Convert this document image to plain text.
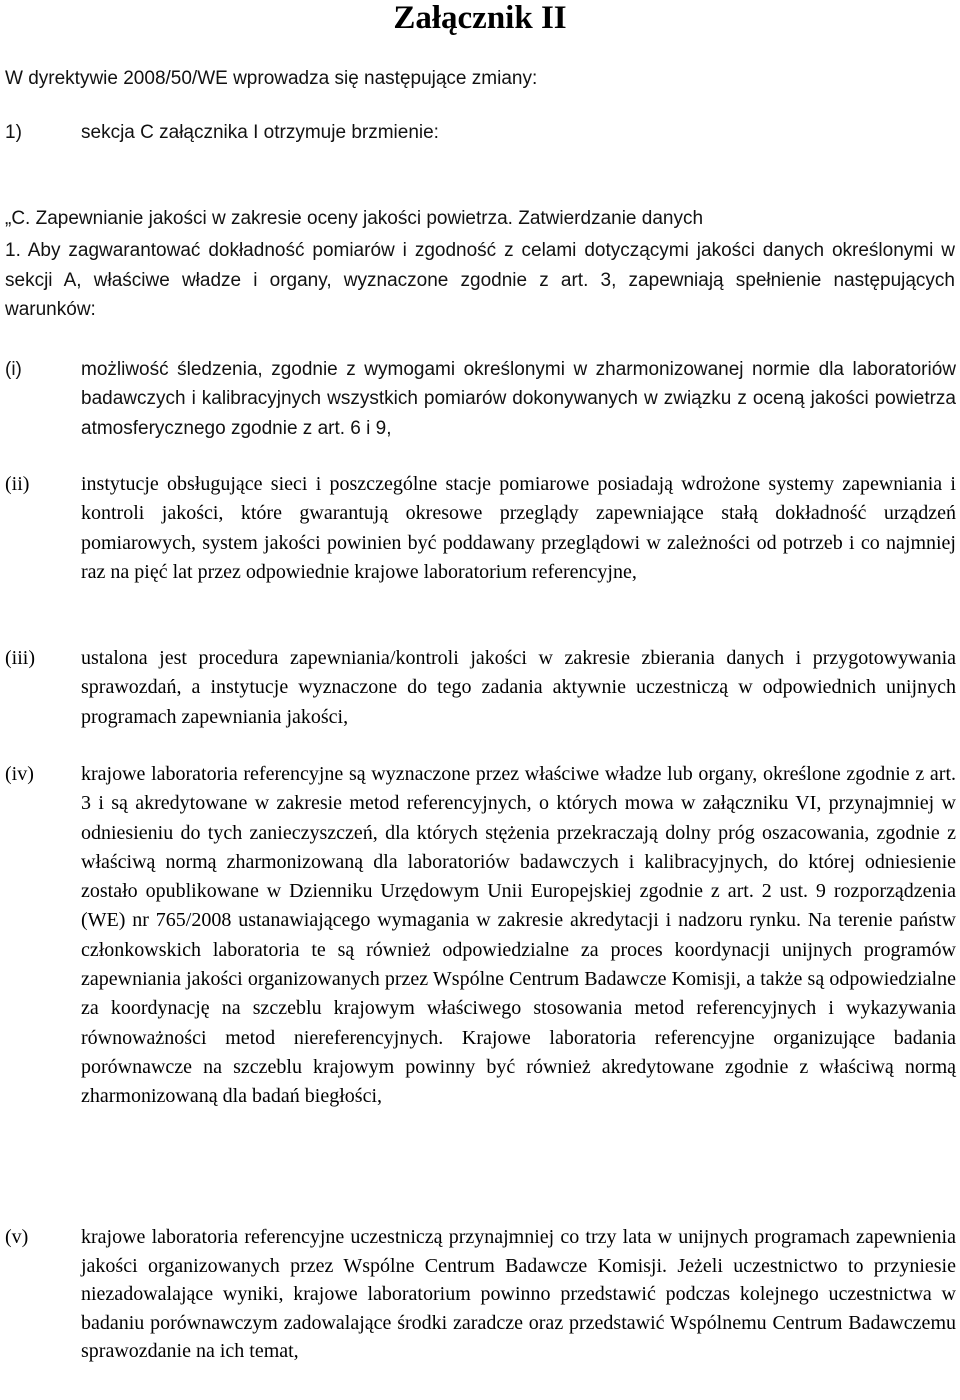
Załącznik II

W dyrektywie 2008/50/WE wprowadza się następujące zmiany:

1)	sekcja C załącznika I otrzymuje brzmienie:

„C. Zapewnianie jakości w zakresie oceny jakości powietrza. Zatwierdzanie danych

1. Aby zagwarantować dokładność pomiarów i zgodność z celami dotyczącymi jakości danych określonymi w sekcji A, właściwe władze i organy, wyznaczone zgodnie z art. 3, zapewniają spełnienie następujących warunków:

(i)	możliwość śledzenia, zgodnie z wymogami określonymi w zharmonizowanej normie dla laboratoriów badawczych i kalibracyjnych wszystkich pomiarów dokonywanych w związku z oceną jakości powietrza atmosferycznego zgodnie z art. 6 i 9,

(ii)	instytucje obsługujące sieci i poszczególne stacje pomiarowe posiadają wdrożone systemy zapewniania i kontroli jakości, które gwarantują okresowe przeglądy zapewniające stałą dokładność urządzeń pomiarowych, system jakości powinien być poddawany przeglądowi w zależności od potrzeb i co najmniej raz na pięć lat przez odpowiednie krajowe laboratorium referencyjne,

(iii)	ustalona jest procedura zapewniania/kontroli jakości w zakresie zbierania danych i przygotowywania sprawozdań, a instytucje wyznaczone do tego zadania aktywnie uczestniczą w odpowiednich unijnych programach zapewniania jakości,

(iv)	krajowe laboratoria referencyjne są wyznaczone przez właściwe władze lub organy, określone zgodnie z art. 3 i są akredytowane w zakresie metod referencyjnych, o których mowa w załączniku VI, przynajmniej w odniesieniu do tych zanieczyszczeń, dla których stężenia przekraczają dolny próg oszacowania, zgodnie z właściwą normą zharmonizowaną dla laboratoriów badawczych i kalibracyjnych, do której odniesienie zostało opublikowane w Dzienniku Urzędowym Unii Europejskiej zgodnie z art. 2 ust. 9 rozporządzenia (WE) nr 765/2008 ustanawiającego wymagania w zakresie akredytacji i nadzoru rynku. Na terenie państw członkowskich laboratoria te są również odpowiedzialne za proces koordynacji unijnych programów zapewniania jakości organizowanych przez Wspólne Centrum Badawcze Komisji, a także są odpowiedzialne za koordynację na szczeblu krajowym właściwego stosowania metod referencyjnych i wykazywania równoważności metod niereferencyjnych. Krajowe laboratoria referencyjne organizujące badania porównawcze na szczeblu krajowym powinny być również akredytowane zgodnie z właściwą normą zharmonizowaną dla badań biegłości,

(v)	krajowe laboratoria referencyjne uczestniczą przynajmniej co trzy lata w unijnych programach zapewnienia jakości organizowanych przez Wspólne Centrum Badawcze Komisji. Jeżeli uczestnictwo to przyniesie niezadowalające wyniki, krajowe laboratorium powinno przedstawić podczas kolejnego uczestnictwa w badaniu porównawczym zadowalające środki zaradcze oraz przedstawić Wspólnemu Centrum Badawczemu sprawozdanie na ich temat,
